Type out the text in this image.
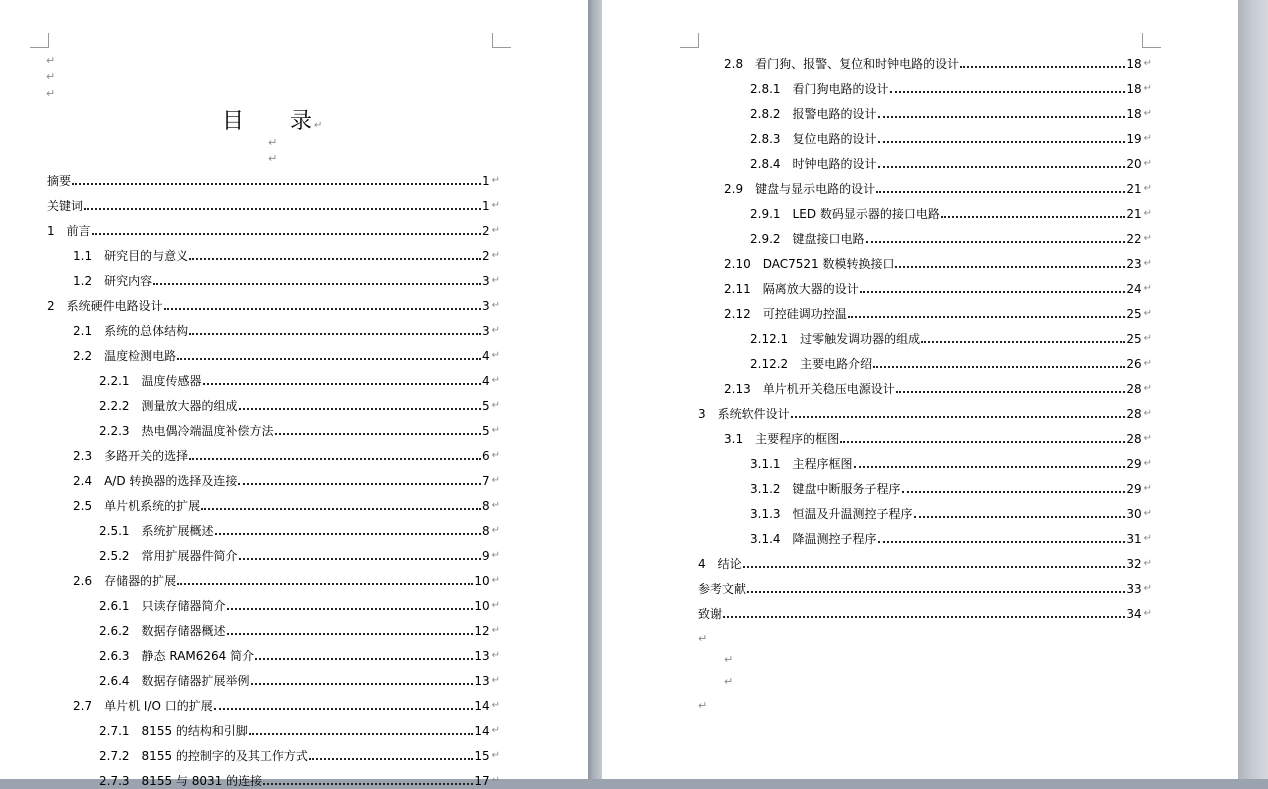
↵
↵
↵
目 录 ↵
↵
↵
摘要	1 ↵
关键词	1 ↵
1 前言	2 ↵
1.1 研究目的与意义	2 ↵
1.2 研究内容	3 ↵
2 系统硬件电路设计	3 ↵
2.1 系统的总体结构	3 ↵
2.2 温度检测电路	4 ↵
2.2.1 温度传感器	4 ↵
2.2.2 测量放大器的组成	5 ↵
2.2.3 热电偶冷端温度补偿方法	5 ↵
2.3 多路开关的选择	6 ↵
2.4 A/D 转换器的选择及连接	7 ↵
2.5 单片机系统的扩展	8 ↵
2.5.1 系统扩展概述	8 ↵
2.5.2 常用扩展器件简介	9 ↵
2.6 存储器的扩展	10 ↵
2.6.1 只读存储器简介	10 ↵
2.6.2 数据存储器概述	12 ↵
2.6.3 静态 RAM6264 简介	13 ↵
2.6.4 数据存储器扩展举例	13 ↵
2.7 单片机 I/O 口的扩展	14 ↵
2.7.1 8155 的结构和引脚	14 ↵
2.7.2 8155 的控制字的及其工作方式	15 ↵
2.7.3 8155 与 8031 的连接	17 ↵
2.8 看门狗、报警、复位和时钟电路的设计	18 ↵
2.8.1 看门狗电路的设计	18 ↵
2.8.2 报警电路的设计	18 ↵
2.8.3 复位电路的设计	19 ↵
2.8.4 时钟电路的设计	20 ↵
2.9 键盘与显示电路的设计	21 ↵
2.9.1 LED 数码显示器的接口电路	21 ↵
2.9.2 键盘接口电路	22 ↵
2.10 DAC7521 数模转换接口	23 ↵
2.11 隔离放大器的设计	24 ↵
2.12 可控硅调功控温	25 ↵
2.12.1 过零触发调功器的组成	25 ↵
2.12.2 主要电路介绍	26 ↵
2.13 单片机开关稳压电源设计	28 ↵
3 系统软件设计	28 ↵
3.1 主要程序的框图	28 ↵
3.1.1 主程序框图	29 ↵
3.1.2 键盘中断服务子程序	29 ↵
3.1.3 恒温及升温测控子程序	30 ↵
3.1.4 降温测控子程序	31 ↵
4 结论	32 ↵
参考文献	33 ↵
致谢	34 ↵
↵
↵
↵
↵
